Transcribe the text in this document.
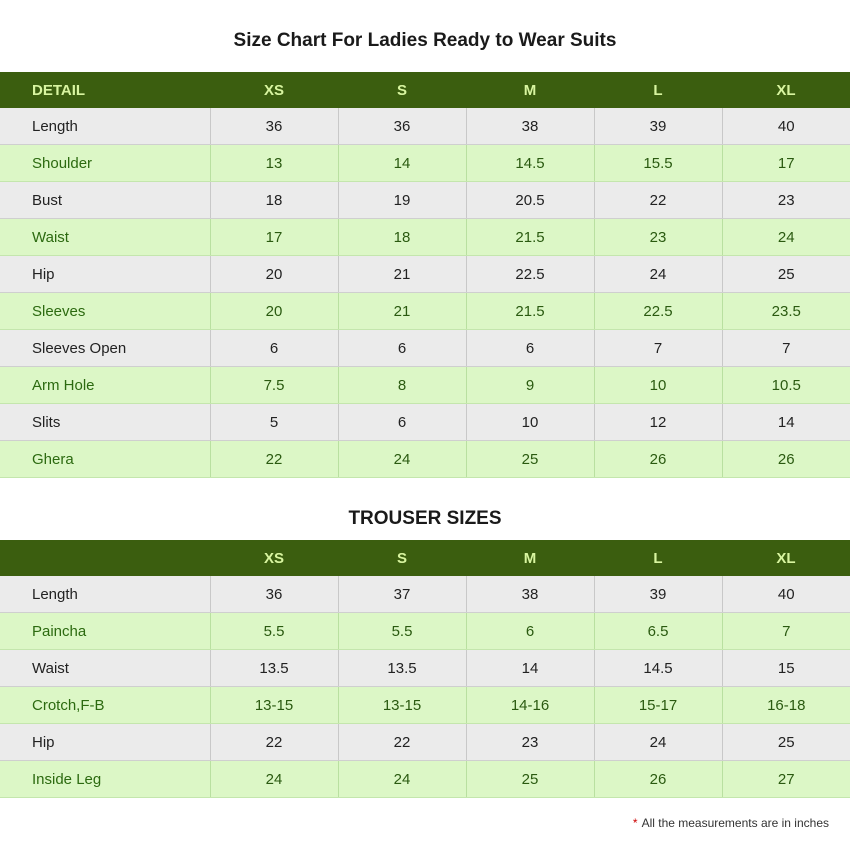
Size Chart For Ladies Ready to Wear Suits
DETAIL	XS	S	M	L	XL
Length	36	36	38	39	40
Shoulder	13	14	14.5	15.5	17
Bust	18	19	20.5	22	23
Waist	17	18	21.5	23	24
Hip	20	21	22.5	24	25
Sleeves	20	21	21.5	22.5	23.5
Sleeves Open	6	6	6	7	7
Arm Hole	7.5	8	9	10	10.5
Slits	5	6	10	12	14
Ghera	22	24	25	26	26
TROUSER SIZES
	XS	S	M	L	XL
Length	36	37	38	39	40
Paincha	5.5	5.5	6	6.5	7
Waist	13.5	13.5	14	14.5	15
Crotch,F-B	13-15	13-15	14-16	15-17	16-18
Hip	22	22	23	24	25
Inside Leg	24	24	25	26	27
* All the measurements are in inches
